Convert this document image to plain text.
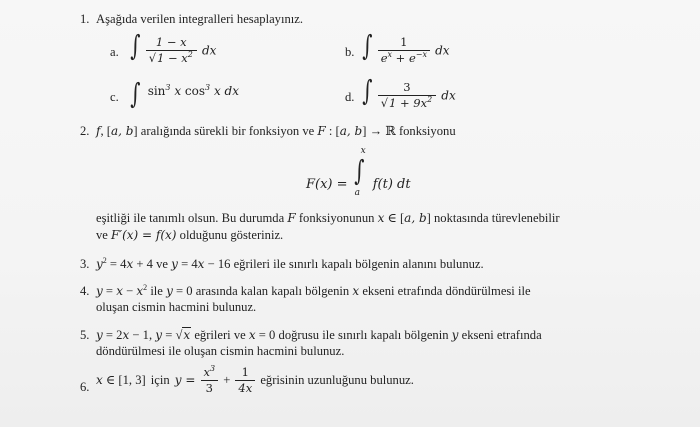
1. Aşağıda verilen integralleri hesaplayınız.
a. ∫ $\frac{1 - x}{√1 - x^2}$ dx	b. ∫ $\frac{1}{e^x + e^{-x}}$ dx
c. ∫ $^{sin^3 x cos^3 x dx}$	d. ∫ $\frac{3}{√1 + 9x^2}$ dx
2. f, [a, b] aralığında sürekli bir fonksiyon ve F : [a, b] → ℝ fonksiyonu
$^{F(x) =}$
x
∫
a
$^{f(t) dt}$
eşitliği ile tanımlı olsun. Bu durumda F fonksiyonunun x ∈ [a, b] noktasında türevlenebilir
ve F′(x) = f(x) olduğunu gösteriniz.
3. $y^2 = 4x + 4$ ve y = 4x − 16 eğrileri ile sınırlı kapalı bölgenin alanını bulunuz.
4. $y = x - x^2$ ile y = 0 arasında kalan kapalı bölgenin x ekseni etrafında döndürülmesi ile
oluşan cismin hacmini bulunuz.
5. y = 2x − 1, y = √x eğrileri ve x = 0 doğrusu ile sınırlı kapalı bölgenin y ekseni etrafında
döndürülmesi ile oluşan cismin hacmini bulunuz.
6. x ∈ [1, 3] için $y = \frac{x^3}{3} + \frac{1}{4x}$ eğrisinin uzunluğunu bulunuz.
